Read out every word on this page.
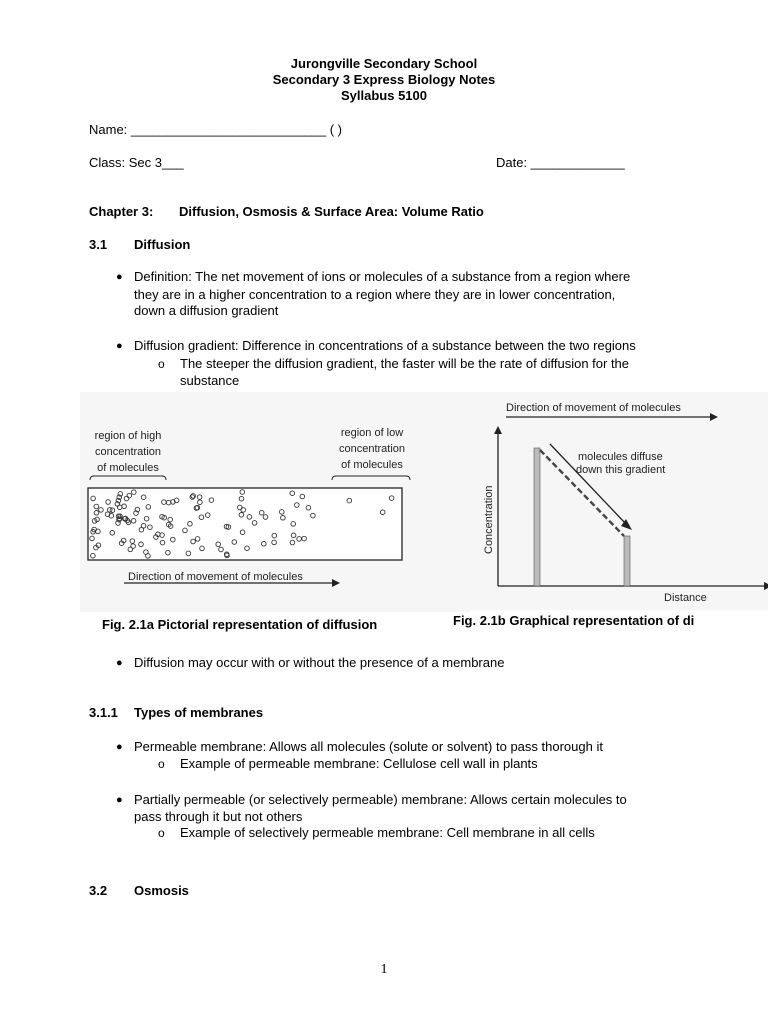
Jurongville Secondary School
Secondary 3 Express Biology Notes
Syllabus 5100
Name: ___________________________ ( )
Class: Sec 3___	Date: _____________
Chapter 3: Diffusion, Osmosis & Surface Area: Volume Ratio
3.1 Diffusion
● Definition: The net movement of ions or molecules of a substance from a region where
they are in a higher concentration to a region where they are in lower concentration,
down a diffusion gradient
● Diffusion gradient: Difference in concentrations of a substance between the two regions
o The steeper the diffusion gradient, the faster will be the rate of diffusion for the
substance
region of high
concentration
of molecules
region of low
concentration
of molecules
Direction of movement of molecules
Fig. 2.1a Pictorial representation of diffusion
Direction of movement of molecules
molecules diffuse
down this gradient
Concentration
Distance
Fig. 2.1b Graphical representation of di
● Diffusion may occur with or without the presence of a membrane
3.1.1 Types of membranes
● Permeable membrane: Allows all molecules (solute or solvent) to pass thorough it
o Example of permeable membrane: Cellulose cell wall in plants
● Partially permeable (or selectively permeable) membrane: Allows certain molecules to
pass through it but not others
o Example of selectively permeable membrane: Cell membrane in all cells
3.2 Osmosis
1
